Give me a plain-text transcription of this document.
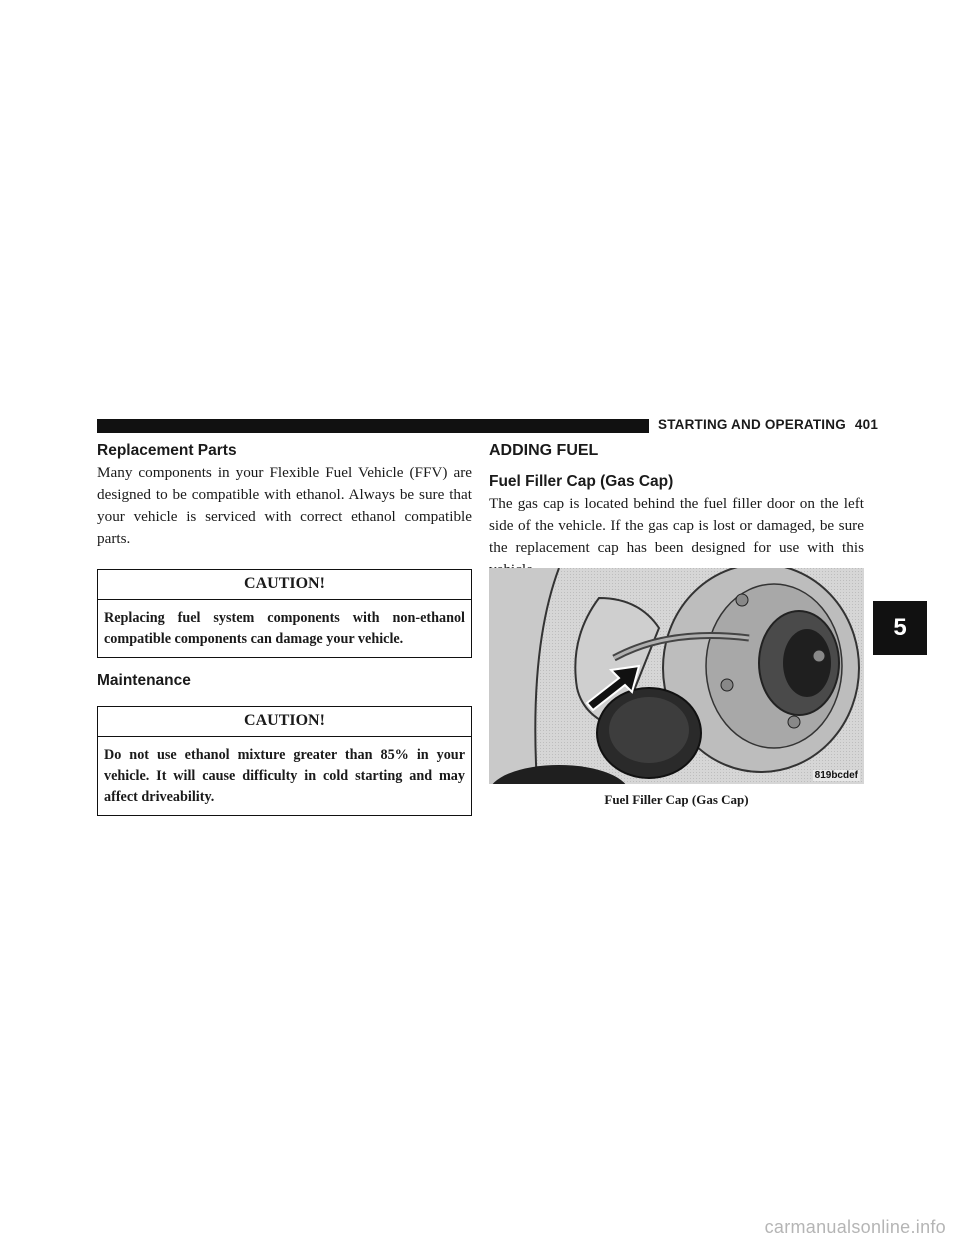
STARTING AND OPERATING 401
Replacement Parts

Many components in your Flexible Fuel Vehicle (FFV) are designed to be compatible with ethanol. Always be sure that your vehicle is serviced with correct ethanol compatible parts.

CAUTION!
Replacing fuel system components with non-ethanol compatible components can damage your vehicle.
Maintenance
CAUTION!
Do not use ethanol mixture greater than 85% in your vehicle. It will cause difficulty in cold starting and may affect driveability.
ADDING FUEL
Fuel Filler Cap (Gas Cap)

The gas cap is located behind the fuel filler door on the left side of the vehicle. If the gas cap is lost or damaged, be sure the replacement cap has been designed for use with this

819bcdef
Fuel Filler Cap (Gas Cap)
5
carmanualsonline.info
